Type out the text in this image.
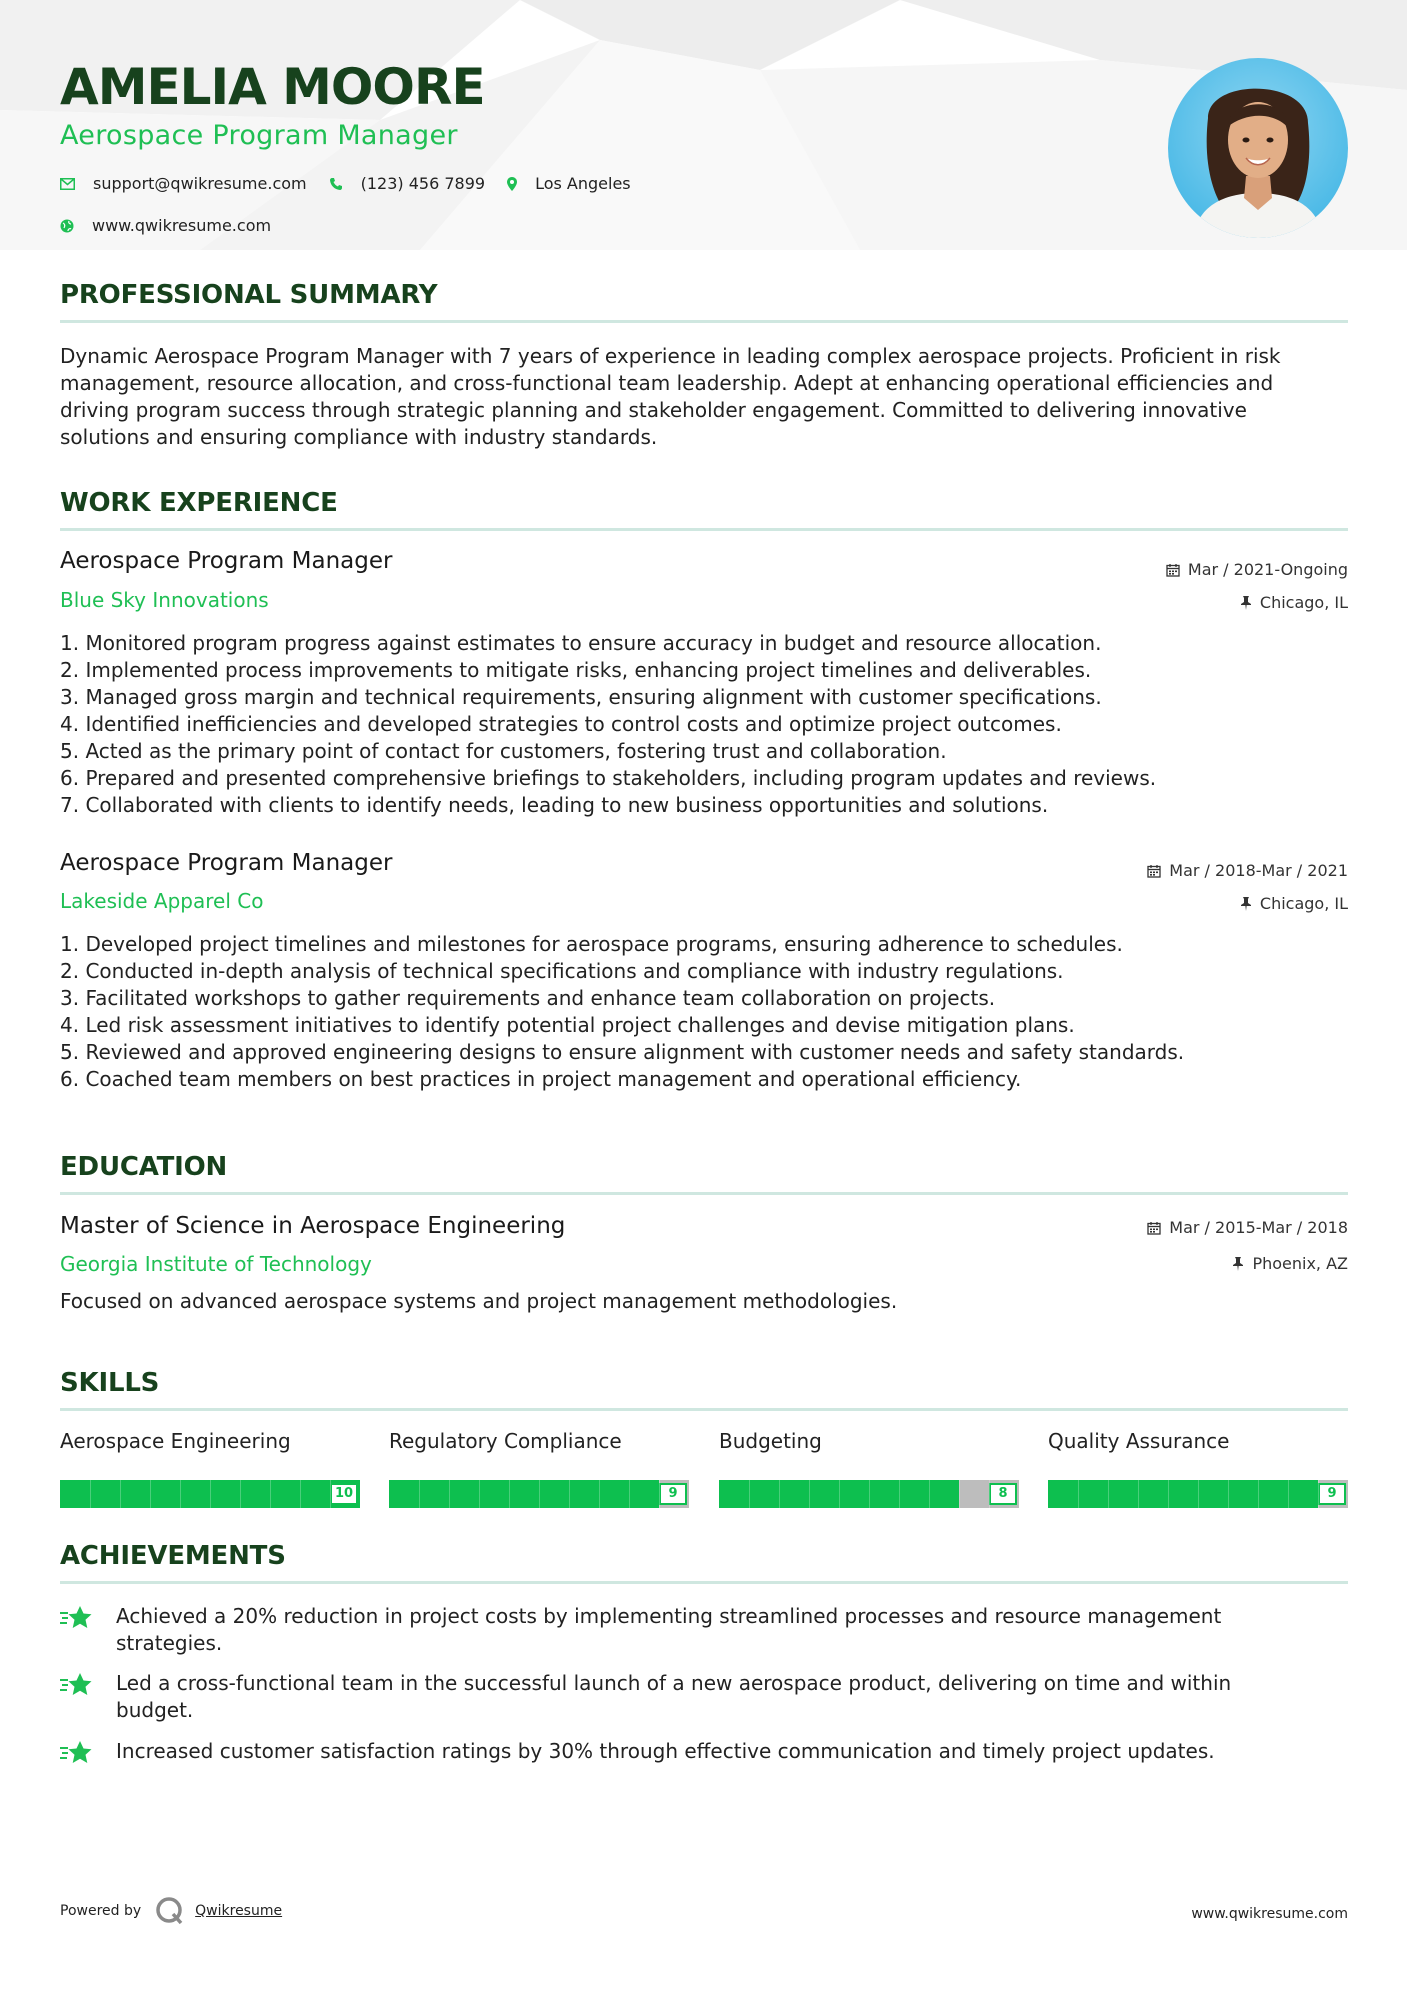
AMELIA MOORE
Aerospace Program Manager
support@qwikresume.com	(123) 456 7899	Los Angeles
www.qwikresume.com
PROFESSIONAL SUMMARY
Dynamic Aerospace Program Manager with 7 years of experience in leading complex aerospace projects. Proficient in risk
management, resource allocation, and cross-functional team leadership. Adept at enhancing operational efficiencies and
driving program success through strategic planning and stakeholder engagement. Committed to delivering innovative
solutions and ensuring compliance with industry standards.
WORK EXPERIENCE
Aerospace Program Manager
Blue Sky Innovations
Mar / 2021-Ongoing
Chicago, IL
1. Monitored program progress against estimates to ensure accuracy in budget and resource allocation.
2. Implemented process improvements to mitigate risks, enhancing project timelines and deliverables.
3. Managed gross margin and technical requirements, ensuring alignment with customer specifications.
4. Identified inefficiencies and developed strategies to control costs and optimize project outcomes.
5. Acted as the primary point of contact for customers, fostering trust and collaboration.
6. Prepared and presented comprehensive briefings to stakeholders, including program updates and reviews.
7. Collaborated with clients to identify needs, leading to new business opportunities and solutions.
Aerospace Program Manager
Lakeside Apparel Co
Mar / 2018-Mar / 2021
Chicago, IL
1. Developed project timelines and milestones for aerospace programs, ensuring adherence to schedules.
2. Conducted in-depth analysis of technical specifications and compliance with industry regulations.
3. Facilitated workshops to gather requirements and enhance team collaboration on projects.
4. Led risk assessment initiatives to identify potential project challenges and devise mitigation plans.
5. Reviewed and approved engineering designs to ensure alignment with customer needs and safety standards.
6. Coached team members on best practices in project management and operational efficiency.
EDUCATION
Master of Science in Aerospace Engineering
Georgia Institute of Technology
Mar / 2015-Mar / 2018
Phoenix, AZ
Focused on advanced aerospace systems and project management methodologies.
SKILLS
Aerospace Engineering
10
Regulatory Compliance
9
Budgeting
8
Quality Assurance
9
ACHIEVEMENTS
Achieved a 20% reduction in project costs by implementing streamlined processes and resource management
strategies.
Led a cross-functional team in the successful launch of a new aerospace product, delivering on time and within
budget.
Increased customer satisfaction ratings by 30% through effective communication and timely project updates.
Powered by	Qwikresume	www.qwikresume.com
